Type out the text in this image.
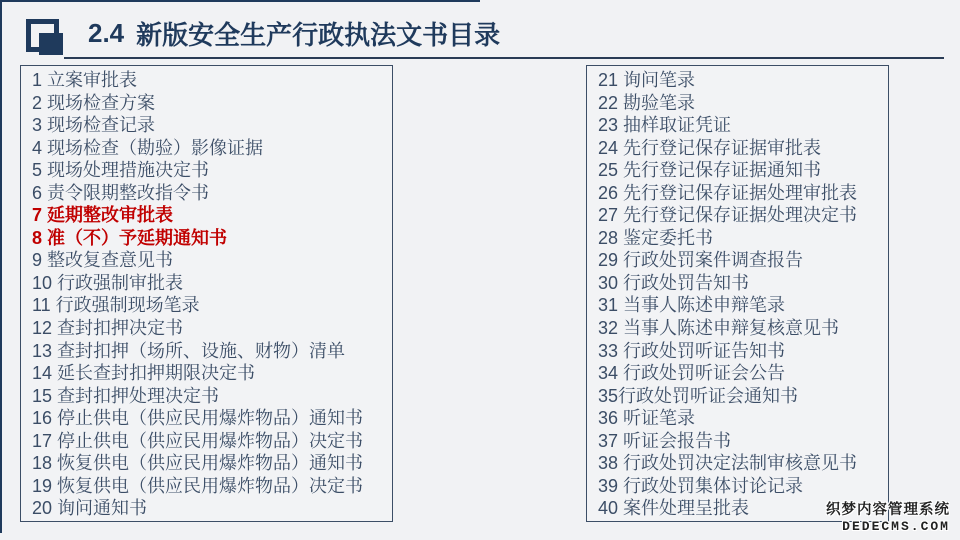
2.4 新版安全生产行政执法文书目录
1 立案审批表
2 现场检查方案
3 现场检查记录
4 现场检查（勘验）影像证据
5 现场处理措施决定书
6 责令限期整改指令书
7 延期整改审批表
8 准（不）予延期通知书
9 整改复查意见书
10 行政强制审批表
11 行政强制现场笔录
12 查封扣押决定书
13 查封扣押（场所、设施、财物）清单
14 延长查封扣押期限决定书
15 查封扣押处理决定书
16 停止供电（供应民用爆炸物品）通知书
17 停止供电（供应民用爆炸物品）决定书
18 恢复供电（供应民用爆炸物品）通知书
19 恢复供电（供应民用爆炸物品）决定书
20 询问通知书
21 询问笔录
22 勘验笔录
23 抽样取证凭证
24 先行登记保存证据审批表
25 先行登记保存证据通知书
26 先行登记保存证据处理审批表
27 先行登记保存证据处理决定书
28 鉴定委托书
29 行政处罚案件调查报告
30 行政处罚告知书
31 当事人陈述申辩笔录
32 当事人陈述申辩复核意见书
33 行政处罚听证告知书
34 行政处罚听证会公告
35行政处罚听证会通知书
36 听证笔录
37 听证会报告书
38 行政处罚决定法制审核意见书
39 行政处罚集体讨论记录
40 案件处理呈批表	织梦内容管理系统
DEDECMS.COM
